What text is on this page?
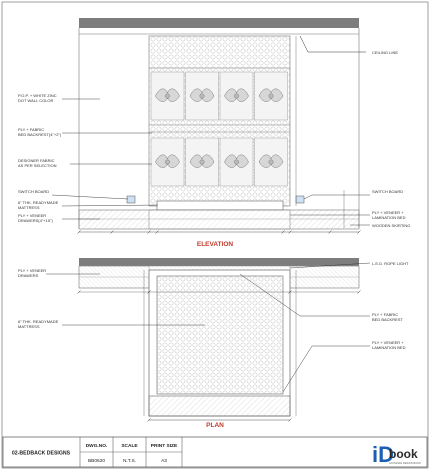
P.O.P. + WHITE ZINC
DOT WALL COLOR
PLY + FABRIC
BED BACKREST(4"+2")
DESIGNER FABRIC
AS PER SELECTION
SWITCH BOARD
6" THK. READYMADE
MATTRESS
PLY + VENEER
DRAWERS(4"+15")
CEILING LINE
SWITCH BOARD
PLY + VENEER +
LAMINATION BED
WOODEN SKIRTING
ELEVATION
PLY + VENEER
DRAWERS
6" THK. READYMADE
MATTRESS
L.E.D. ROPE LIGHT
PLY + FABRIC
BED BACKREST
PLY + VENEER +
LAMINATION BED
PLAN
02-BEDBACK DESIGNS
DWG.NO.	SCALE	PRINT SIZE
BB0620	N.T.S.	A3	iD
book
AN INDIAN DESIGN BOOK
